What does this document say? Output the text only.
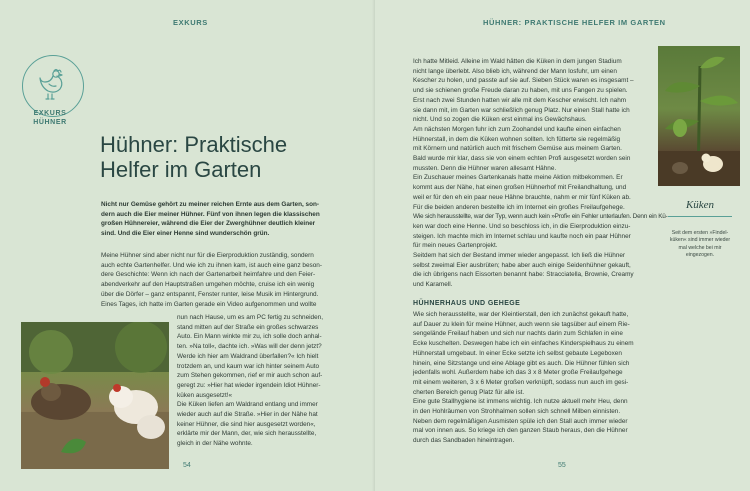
EXKURS
EXKURS
HÜHNER
Hühner: Praktische
Helfer im Garten
Nicht nur Gemüse gehört zu meiner reichen Ernte aus dem Garten, son-
dern auch die Eier meiner Hühner. Fünf von ihnen legen die klassischen
großen Hühnereier, während die Eier der Zwerghühner deutlich kleiner
sind. Und die Eier einer Henne sind wunderschön grün.
Meine Hühner sind aber nicht nur für die Eierproduktion zuständig, sondern
auch echte Gartenhelfer. Und wie ich zu ihnen kam, ist auch eine ganz beson-
dere Geschichte: Wenn ich nach der Gartenarbeit heimfahre und den Feier-
abendverkehr auf den Hauptstraßen umgehen möchte, cruise ich ein wenig
über die Dörfer – ganz entspannt, Fenster runter, leise Musik im Hintergrund.
Eines Tages, ich hatte im Garten gerade ein Video aufgenommen und wollte
nun nach Hause, um es am PC fertig zu schneiden,
stand mitten auf der Straße ein großes schwarzes
Auto. Ein Mann winkte mir zu, ich solle doch anhal-
ten. »Na toll«, dachte ich. »Was will der denn jetzt?
Werde ich hier am Waldrand überfallen?« Ich hielt
trotzdem an, und kaum war ich hinter seinem Auto
zum Stehen gekommen, rief er mir auch schon auf-
geregt zu: »Hier hat wieder irgendein Idiot Hühner-
küken ausgesetzt!«
Die Küken liefen am Waldrand entlang und immer
wieder auch auf die Straße. »Hier in der Nähe hat
keiner Hühner, die sind hier ausgesetzt worden«,
erklärte mir der Mann, der, wie sich herausstellte,
gleich in der Nähe wohnte.
54
HÜHNER: PRAKTISCHE HELFER IM GARTEN
55
Ich hatte Mitleid. Alleine im Wald hätten die Küken in dem jungen Stadium
nicht lange überlebt. Also blieb ich, während der Mann losfuhr, um einen
Kescher zu holen, und passte auf sie auf. Sieben Stück waren es insgesamt –
und sie schienen große Freude daran zu haben, mit uns Fangen zu spielen.
Erst nach zwei Stunden hatten wir alle mit dem Kescher erwischt. Ich nahm
sie dann mit, im Garten war schließlich genug Platz. Nur einen Stall hatte ich
nicht. Und so zogen die Küken erst einmal ins Gewächshaus.
Am nächsten Morgen fuhr ich zum Zoohandel und kaufte einen einfachen
Hühnerstall, in dem die Küken wohnen sollten. Ich fütterte sie regelmäßig
mit Körnern und natürlich auch mit frischem Gemüse aus meinem Garten.
Bald wurde mir klar, dass sie von einem echten Profi ausgesetzt worden sein
mussten. Denn die Hühner waren allesamt Hähne.
Ein Zuschauer meines Gartenkanals hatte meine Aktion mitbekommen. Er
kommt aus der Nähe, hat einen großen Hühnerhof mit Freilandhaltung, und
weil er für den eh ein paar neue Hähne brauchte, nahm er mir fünf Küken ab.
Für die beiden anderen bestellte ich im Internet ein großes Freilaufgehege.
Wie sich herausstellte, war der Typ, wenn auch kein »Profi« ein Fehler unterlaufen. Denn ein Kü-
ken war doch eine Henne. Und so beschloss ich, in die Eierproduktion einzu-
steigen. Ich machte mich im Internet schlau und kaufte noch ein paar Hühner
für mein neues Gartenprojekt.
Seitdem hat sich der Bestand immer wieder angepasst. Ich ließ die Hühner
selbst zweimal Eier ausbrüten; habe aber auch einige Seidenhühner gekauft,
die ich übrigens nach Eissorten benannt habe: Stracciatella, Brownie, Creamy
und Karamell.
HÜHNERHAUS UND GEHEGE
Wie sich herausstellte, war der Kleintierstall, den ich zunächst gekauft hatte,
auf Dauer zu klein für meine Hühner, auch wenn sie tagsüber auf einem Rie-
sengelände Freilauf haben und sich nur nachts darin zum Schlafen in eine
Ecke kuschelten. Deswegen habe ich ein einfaches Kinderspielhaus zu einem
Hühnerstall umgebaut. In einer Ecke setzte ich selbst gebaute Legeboxen
hinein, eine Sitzstange und eine Ablage gibt es auch. Die Hühner fühlen sich
jedenfalls wohl. Außerdem habe ich das 3 x 8 Meter große Freilaufgehege
mit einem weiteren, 3 x 6 Meter großen verknüpft, sodass nun auch im gesi-
cherten Bereich genug Platz für alle ist.
Eine gute Stallhygiene ist immens wichtig. Ich nutze aktuell mehr Heu, denn
in den Hohlräumen von Strohhalmen sollen sich schnell Milben einnisten.
Neben dem regelmäßigen Ausmisten spüle ich den Stall auch immer wieder
mal von innen aus. So kriege ich den ganzen Staub heraus, den die Hühner
durch das Sandbaden hineintragen.
Küken
Seit dem ersten »Findel-
küken« sind immer wieder
mal welche bei mir
eingezogen.
